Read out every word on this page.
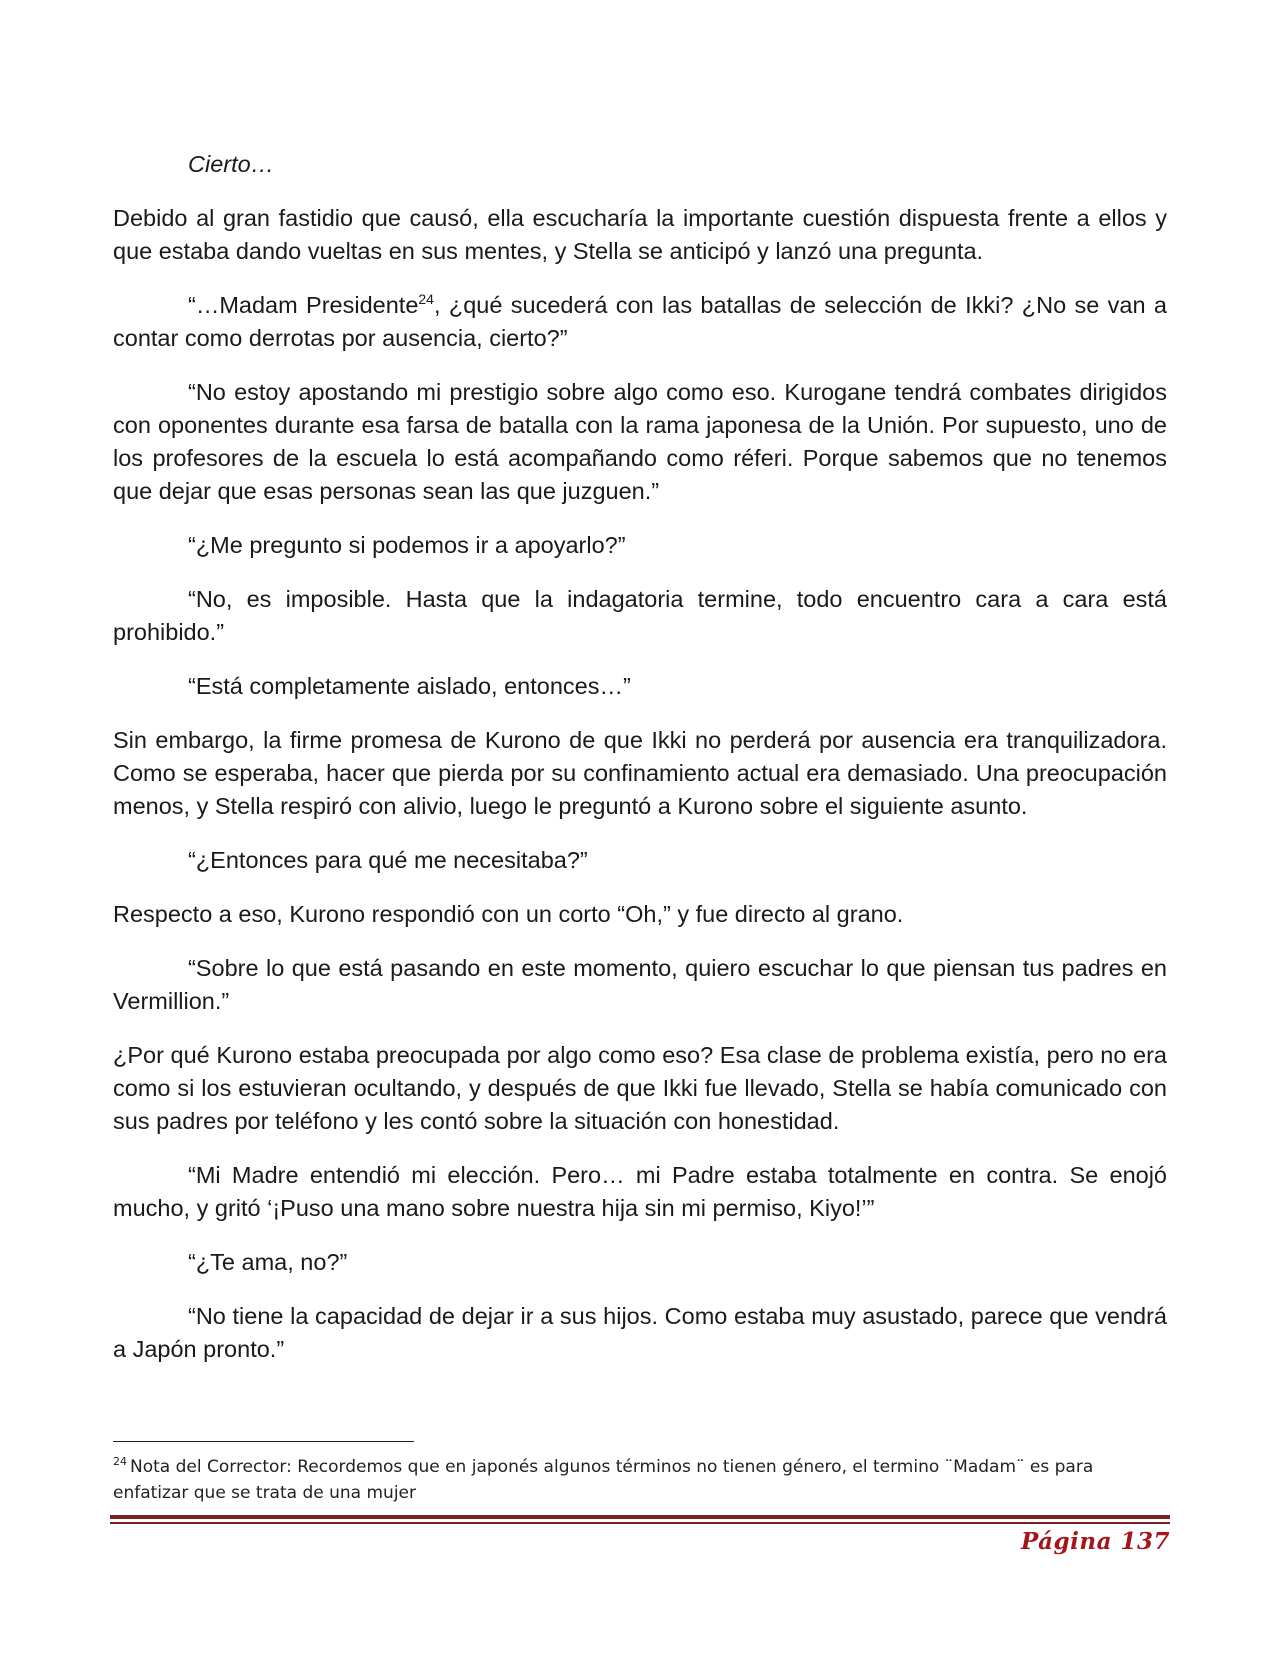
Cierto…

Debido al gran fastidio que causó, ella escucharía la importante cuestión dispuesta frente a ellos y que estaba dando vueltas en sus mentes, y Stella se anticipó y lanzó una pregunta.

“…Madam Presidente$^{24}$, ¿qué sucederá con las batallas de selección de Ikki? ¿No se van a contar como derrotas por ausencia, cierto?”

“No estoy apostando mi prestigio sobre algo como eso. Kurogane tendrá combates dirigidos con oponentes durante esa farsa de batalla con la rama japonesa de la Unión. Por supuesto, uno de los profesores de la escuela lo está acompañando como réferi. Porque sabemos que no tenemos que dejar que esas personas sean las que juzguen.”

“¿Me pregunto si podemos ir a apoyarlo?”

“No, es imposible. Hasta que la indagatoria termine, todo encuentro cara a cara está prohibido.”

“Está completamente aislado, entonces…”

Sin embargo, la firme promesa de Kurono de que Ikki no perderá por ausencia era tranquilizadora. Como se esperaba, hacer que pierda por su confinamiento actual era demasiado. Una preocupación menos, y Stella respiró con alivio, luego le preguntó a Kurono sobre el siguiente asunto.

“¿Entonces para qué me necesitaba?”

Respecto a eso, Kurono respondió con un corto “Oh,” y fue directo al grano.

“Sobre lo que está pasando en este momento, quiero escuchar lo que piensan tus padres en Vermillion.”

¿Por qué Kurono estaba preocupada por algo como eso? Esa clase de problema existía, pero no era como si los estuvieran ocultando, y después de que Ikki fue llevado, Stella se había comunicado con sus padres por teléfono y les contó sobre la situación con honestidad.

“Mi Madre entendió mi elección. Pero… mi Padre estaba totalmente en contra. Se enojó mucho, y gritó ‘¡Puso una mano sobre nuestra hija sin mi permiso, Kiyo!’”

“¿Te ama, no?”

“No tiene la capacidad de dejar ir a sus hijos. Como estaba muy asustado, parece que vendrá a Japón pronto.”

$^{24}$ Nota del Corrector: Recordemos que en japonés algunos términos no tienen género, el termino ¨Madam¨ es para enfatizar que se trata de una mujer
Página 137
